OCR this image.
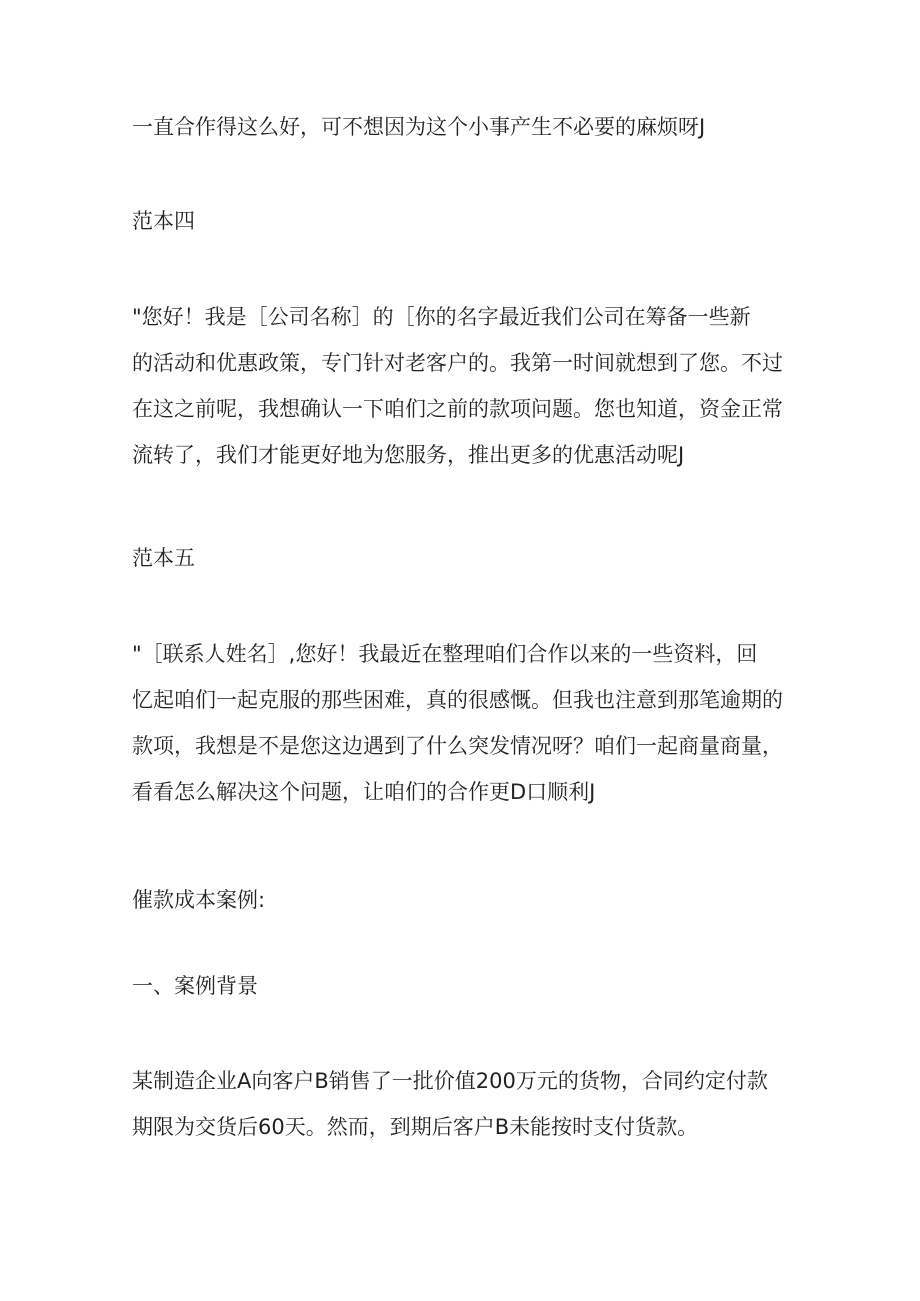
一直合作得这么好，可不想因为这个小事产生不必要的麻烦呀J
范本四
"您好！我是［公司名称］的［你的名字最近我们公司在筹备一些新
的活动和优惠政策，专门针对老客户的。我第一时间就想到了您。不过
在这之前呢，我想确认一下咱们之前的款项问题。您也知道，资金正常
流转了，我们才能更好地为您服务，推出更多的优惠活动呢J
范本五
"［联系人姓名］,您好！我最近在整理咱们合作以来的一些资料，回
忆起咱们一起克服的那些困难，真的很感慨。但我也注意到那笔逾期的
款项，我想是不是您这边遇到了什么突发情况呀？咱们一起商量商量，
看看怎么解决这个问题，让咱们的合作更D口顺利J
催款成本案例:
一、案例背景
某制造企业A向客户B销售了一批价值200万元的货物，合同约定付款
期限为交货后60天。然而，到期后客户B未能按时支付货款。
